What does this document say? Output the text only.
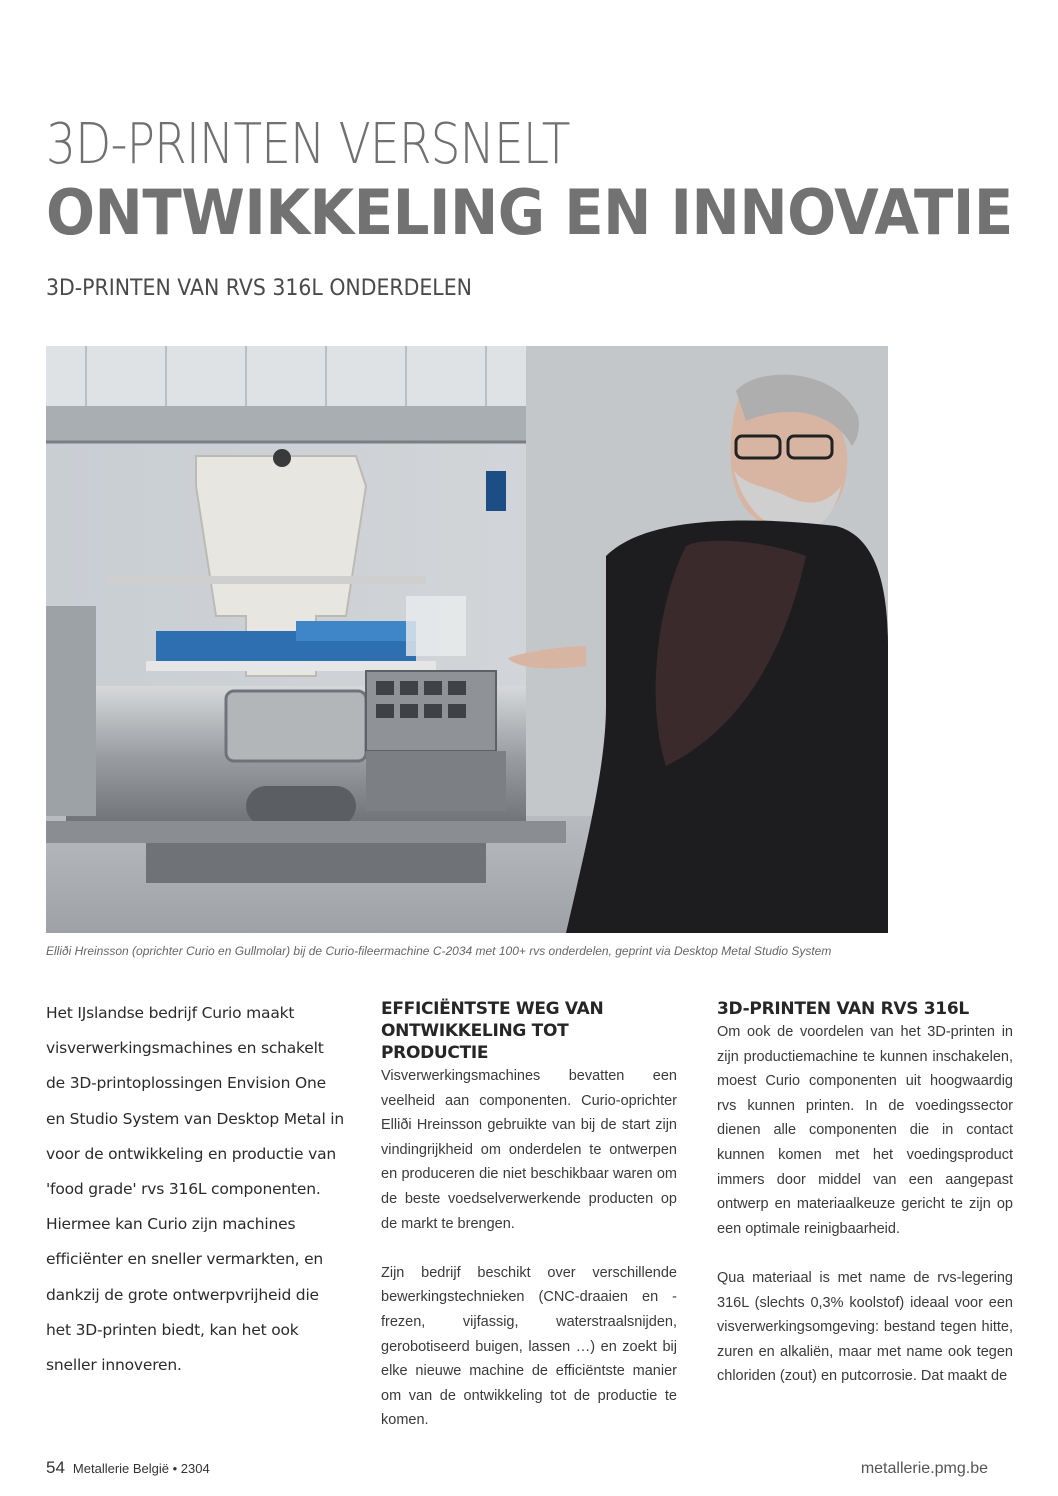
3D-PRINTEN VERSNELT
ONTWIKKELING EN INNOVATIE
3D-PRINTEN VAN RVS 316L ONDERDELEN

Elliði Hreinsson (oprichter Curio en Gullmolar) bij de Curio-fileermachine C-2034 met 100+ rvs onderdelen, geprint via Desktop Metal Studio System

Het IJslandse bedrijf Curio maakt visverwerkingsmachines en schakelt de 3D-printoplossingen Envision One en Studio System van Desktop Metal in voor de ontwikkeling en productie van 'food grade' rvs 316L componenten. Hiermee kan Curio zijn machines efficiënter en sneller vermarkten, en dankzij de grote ontwerpvrijheid die het 3D-printen biedt, kan het ook sneller innoveren.

EFFICIËNTSTE WEG VAN ONTWIKKELING TOT PRODUCTIE

Visverwerkingsmachines bevatten een veelheid aan componenten. Curio-oprichter Elliði Hreinsson gebruikte van bij de start zijn vindingrijkheid om onderdelen te ontwerpen en produceren die niet beschikbaar waren om de beste voedselverwerkende producten op de markt te brengen.

Zijn bedrijf beschikt over verschillende bewerkingstechnieken (CNC-draaien en -frezen, vijfassig, waterstraalsnijden, gerobotiseerd buigen, lassen …) en zoekt bij elke nieuwe machine de efficiëntste manier om van de ontwikkeling tot de productie te komen.

3D-PRINTEN VAN RVS 316L

Om ook de voordelen van het 3D-printen in zijn productiemachine te kunnen inschakelen, moest Curio componenten uit hoogwaardig rvs kunnen printen. In de voedingssector dienen alle componenten die in contact kunnen komen met het voedingsproduct immers door middel van een aangepast ontwerp en materiaalkeuze gericht te zijn op een optimale reinigbaarheid.

Qua materiaal is met name de rvs-legering 316L (slechts 0,3% koolstof) ideaal voor een visverwerkingsomgeving: bestand tegen hitte, zuren en alkaliën, maar met name ook tegen chloriden (zout) en putcorrosie. Dat maakt de

54 Metallerie België • 2304	metallerie.pmg.be
